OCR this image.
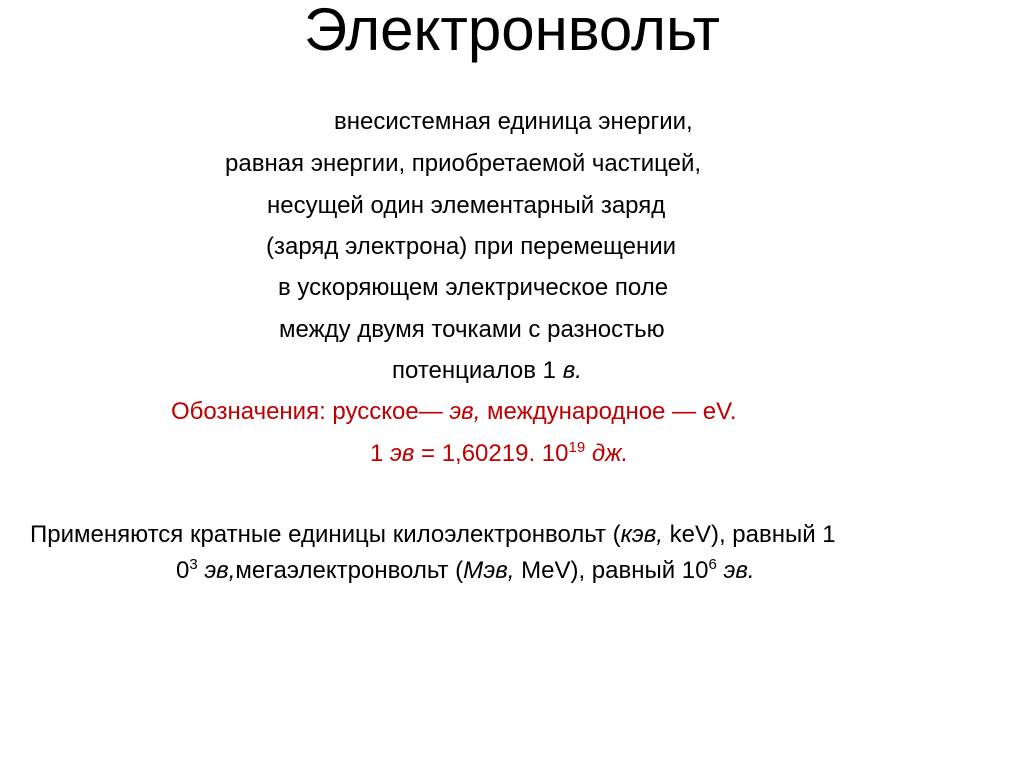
Электронвольт
внесистемная единица энергии,
равная энергии, приобретаемой частицей,
несущей один элементарный заряд
(заряд электрона) при перемещении
в ускоряющем электрическое поле
между двумя точками с разностью
потенциалов 1 в.
Обозначения: русское— эв, международное — eV.
1 эв = 1,60219. $10^{19}$ дж.
Применяются кратные единицы килоэлектронвольт (кэв, keV), равный 1
$0^3$ эв,мегаэлектронвольт (Мэв, MeV), равный $10^6$ эв.
